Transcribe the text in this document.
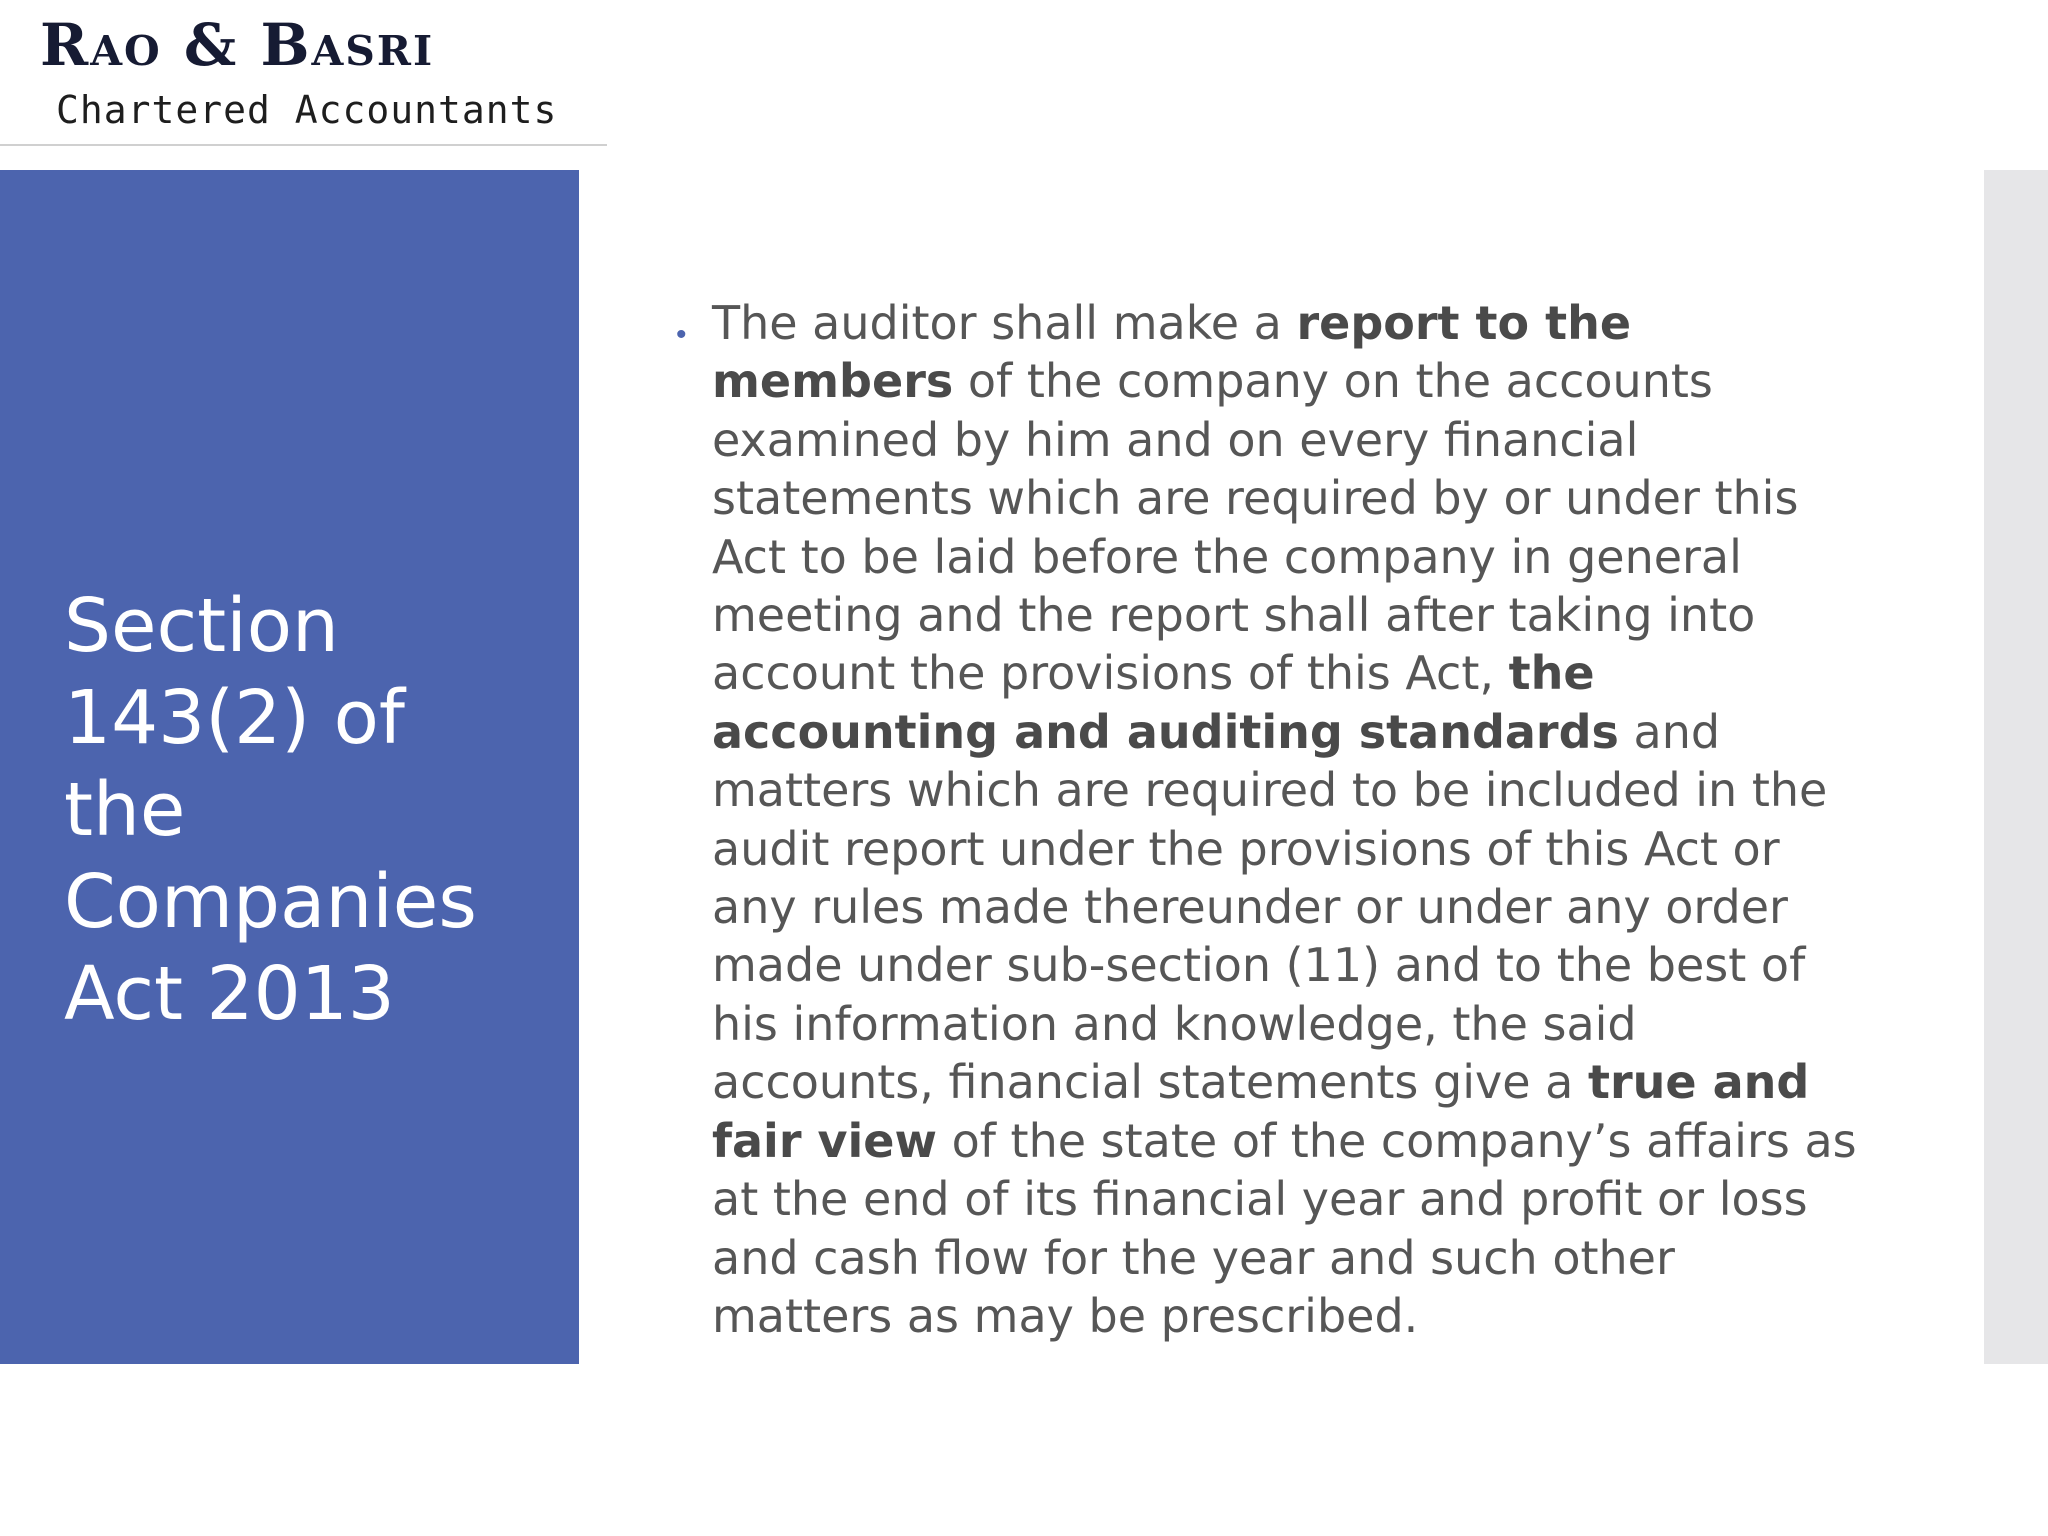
Rao & Basri
Chartered Accountants
Section 143(2) of the Companies Act 2013
• The auditor shall make a report to the members of the company on the accounts examined by him and on every financial statements which are required by or under this Act to be laid before the company in general meeting and the report shall after taking into account the provisions of this Act, the accounting and auditing standards and matters which are required to be included in the audit report under the provisions of this Act or any rules made thereunder or under any order made under sub-section (11) and to the best of his information and knowledge, the said accounts, financial statements give a true and fair view of the state of the company’s affairs as at the end of its financial year and profit or loss and cash flow for the year and such other matters as may be prescribed.
